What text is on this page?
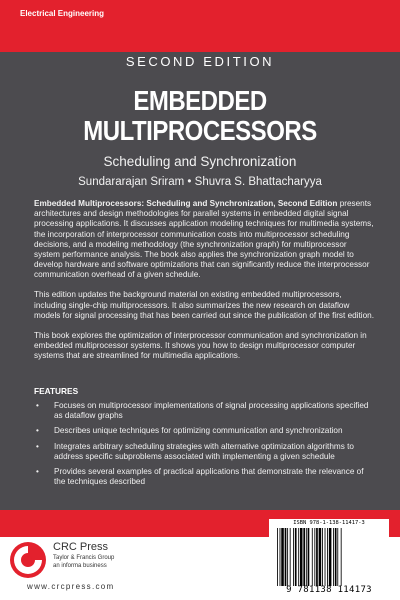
Electrical Engineering
SECOND EDITION
EMBEDDED
MULTIPROCESSORS
Scheduling and Synchronization
Sundararajan Sriram • Shuvra S. Bhattacharyya

Embedded Multiprocessors: Scheduling and Synchronization, Second Edition presents architectures and design methodologies for parallel systems in embedded digital signal processing applications. It discusses application modeling techniques for multimedia systems, the incorporation of interprocessor communication costs into multiprocessor scheduling decisions, and a modeling methodology (the synchronization graph) for multiprocessor system performance analysis. The book also applies the synchronization graph model to develop hardware and software optimizations that can significantly reduce the interprocessor communication overhead of a given schedule.

This edition updates the background material on existing embedded multiprocessors, including single-chip multiprocessors. It also summarizes the new research on dataflow models for signal processing that has been carried out since the publication of the first edition.

This book explores the optimization of interprocessor communication and synchronization in embedded multiprocessor systems. It shows you how to design multiprocessor computer systems that are streamlined for multimedia applications.

FEATURES
• Focuses on multiprocessor implementations of signal processing applications specified as dataflow graphs
• Describes unique techniques for optimizing communication and synchronization
• Integrates arbitrary scheduling strategies with alternative optimization algorithms to address specific subproblems associated with implementing a given schedule
• Provides several examples of practical applications that demonstrate the relevance of the techniques described
CRC Press
Taylor & Francis Group
an informa business
www.crcpress.com
ISBN 978-1-138-11417-3
9 781138 114173
